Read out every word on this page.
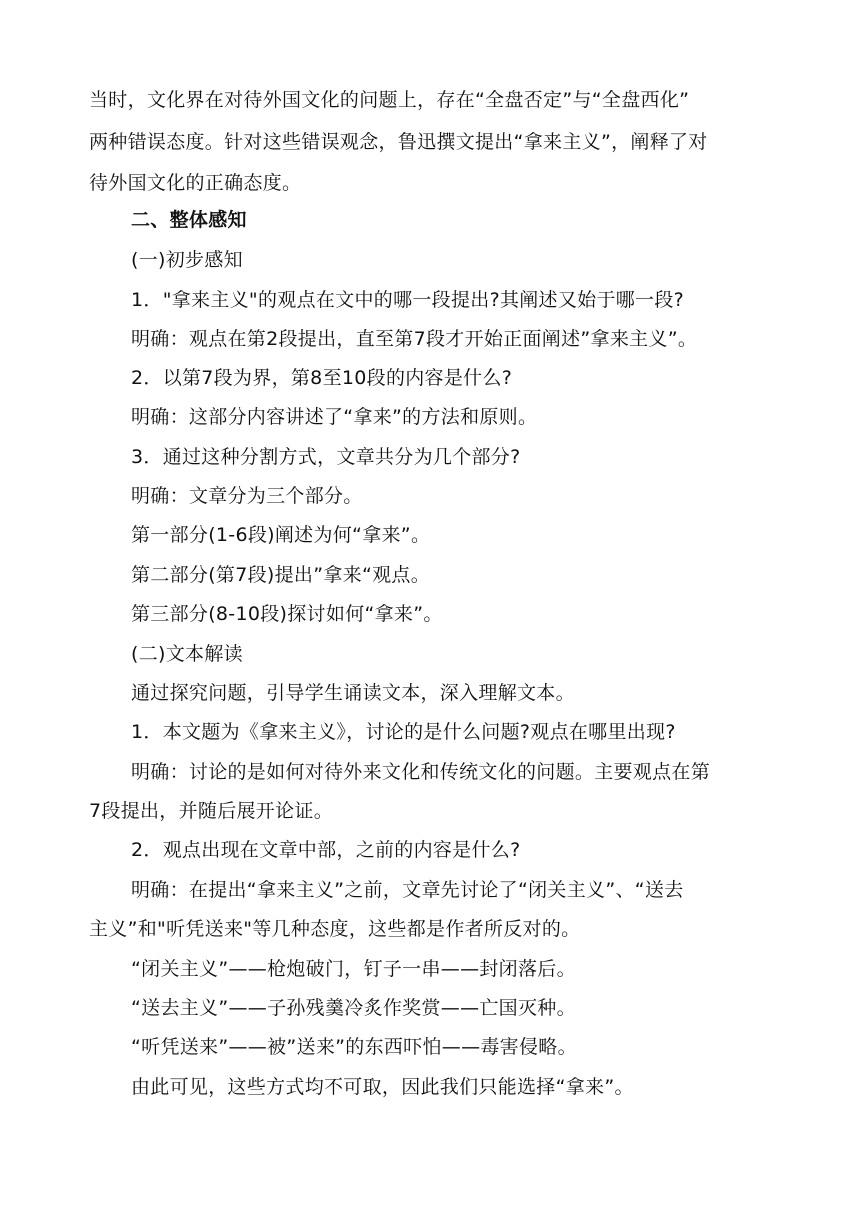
当时，文化界在对待外国文化的问题上，存在“全盘否定”与“全盘西化”
两种错误态度。针对这些错误观念，鲁迅撰文提出“拿来主义”，阐释了对
待外国文化的正确态度。
二、整体感知
(一)初步感知
1．"拿来主义"的观点在文中的哪一段提出?其阐述又始于哪一段?
明确：观点在第2段提出，直至第7段才开始正面阐述”拿来主义”。
2．以第7段为界，第8至10段的内容是什么?
明确：这部分内容讲述了“拿来”的方法和原则。
3．通过这种分割方式，文章共分为几个部分?
明确：文章分为三个部分。
第一部分(1-6段)阐述为何“拿来”。
第二部分(第7段)提出”拿来“观点。
第三部分(8-10段)探讨如何“拿来”。
(二)文本解读
通过探究问题，引导学生诵读文本，深入理解文本。
1．本文题为《拿来主义》，讨论的是什么问题?观点在哪里出现?
明确：讨论的是如何对待外来文化和传统文化的问题。主要观点在第
7段提出，并随后展开论证。
2．观点出现在文章中部，之前的内容是什么?
明确：在提出“拿来主义”之前，文章先讨论了“闭关主义”、“送去
主义”和"听凭送来"等几种态度，这些都是作者所反对的。
“闭关主义”——枪炮破门，钉子一串——封闭落后。
“送去主义”——子孙残羹冷炙作奖赏——亡国灭种。
“听凭送来”——被”送来”的东西吓怕——毒害侵略。
由此可见，这些方式均不可取，因此我们只能选择“拿来”。
